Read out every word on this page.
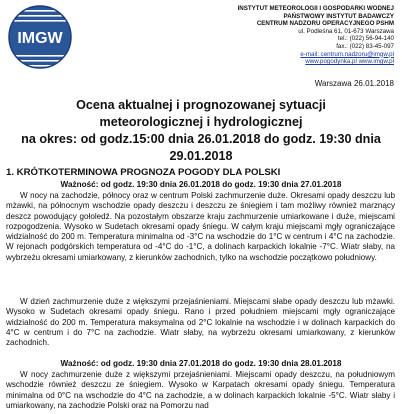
IMGW
INSTYTUT METEOROLOGII I GOSPODARKI WODNEJ
PAŃSTWOWY INSTYTUT BADAWCZY
CENTRUM NADZORU OPERACYJNEGO PSHM
ul. Podleśna 61, 01-673 Warszawa
tel.: (022) 56-94-140
fax.: (022) 83-45-097
e-mail: centrum.nadzoru@imgw.pl
www.pogodynka.pl www.imgw.pl
Warszawa 26.01.2018
Ocena aktualnej i prognozowanej sytuacji
meteorologicznej i hydrologicznej
na okres: od godz.15:00 dnia 26.01.2018 do godz. 19:30 dnia 29.01.2018
1. KRÓTKOTERMINOWA PROGNOZA POGODY DLA POLSKI
Ważność: od godz. 19:30 dnia 26.01.2018 do godz. 19:30 dnia 27.01.2018

W nocy na zachodzie, północy oraz w centrum Polski zachmurzenie duże. Okresami opady deszczu lub mżawki, na północnym wschodzie opady deszczu i deszczu ze śniegiem i tam możliwy również marznący deszcz powodujący gołoledź. Na pozostałym obszarze kraju zachmurzenie umiarkowane i duże, miejscami rozpogodzenia. Wysoko w Sudetach okresami opady śniegu. W całym kraju miejscami mgły ograniczające widzialność do 200 m. Temperatura minimalna od -3°C na wschodzie do 1°C w centrum i 4°C na zachodzie. W rejonach podgórskich temperatura od -4°C do -1°C, a dolinach karpackich lokalnie -7°C. Wiatr słaby, na wybrzeżu okresami umiarkowany, z kierunków zachodnich, tylko na wschodzie początkowo południowy.

W dzień zachmurzenie duże z większymi przejaśnieniami. Miejscami słabe opady deszczu lub mżawki. Wysoko w Sudetach okresami opady śniegu. Rano i przed południem miejscami mgły ograniczające widzialność do 200 m. Temperatura maksymalna od 2°C lokalnie na wschodzie i w dolinach karpackich do 4°C w centrum i do 7°C na zachodzie. Wiatr słaby, na wybrzeżu okresami umiarkowany, z kierunków zachodnich.

Ważność: od godz. 19:30 dnia 27.01.2018 do godz. 19:30 dnia 28.01.2018

W nocy zachmurzenie duże z większymi przejaśnieniami. Miejscami opady deszczu, na południowym wschodzie również deszczu ze śniegiem. Wysoko w Karpatach okresami opady śniegu. Temperatura minimalna od 0°C na wschodzie do 4°C na zachodzie, a w dolinach karpackich lokalnie -5°C. Wiatr słaby i umiarkowany, na zachodzie Polski oraz na Pomorzu nad
